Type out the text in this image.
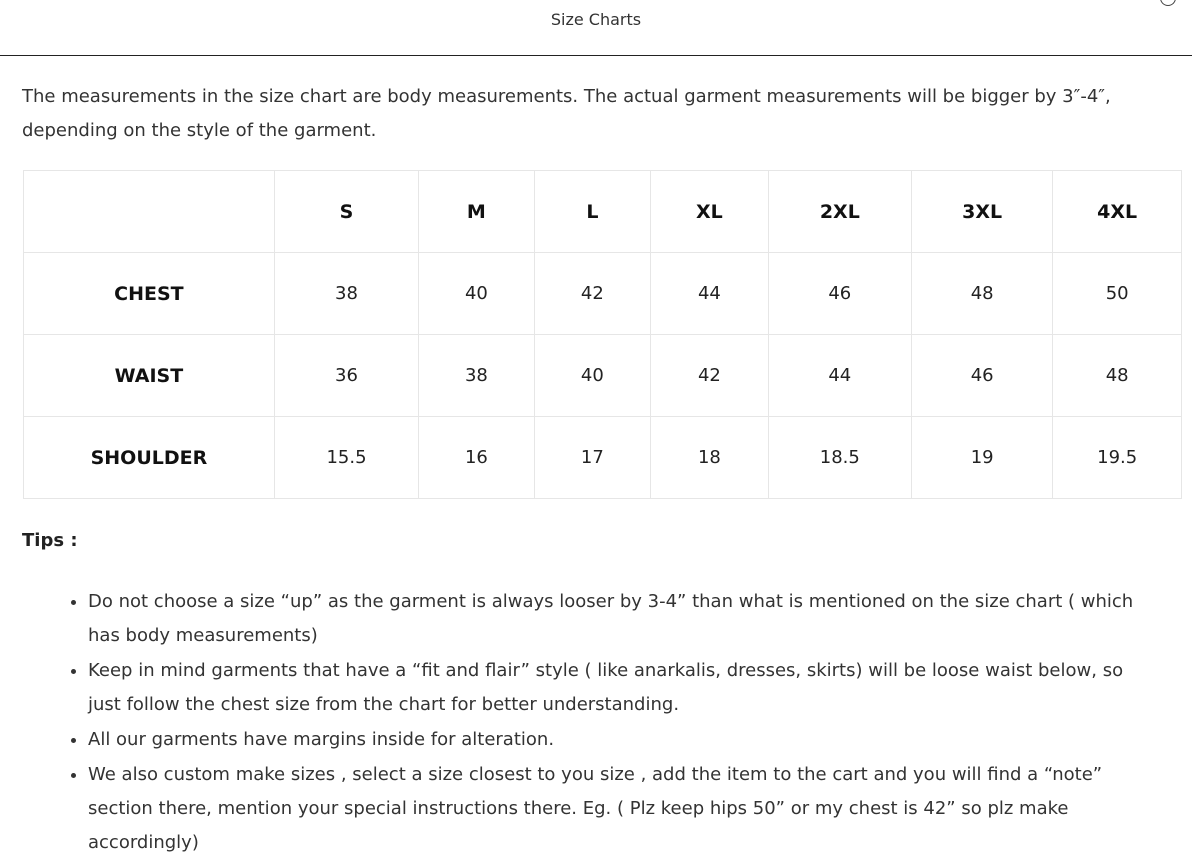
Size Charts

The measurements in the size chart are body measurements. The actual garment measurements will be bigger by 3″-4″, depending on the style of the garment.

	S	M	L	XL	2XL	3XL	4XL
CHEST	38	40	42	44	46	48	50
WAIST	36	38	40	42	44	46	48
SHOULDER	15.5	16	17	18	18.5	19	19.5

Tips :

• Do not choose a size “up” as the garment is always looser by 3-4” than what is mentioned on the size chart ( which has body measurements)
• Keep in mind garments that have a “fit and flair” style ( like anarkalis, dresses, skirts) will be loose waist below, so just follow the chest size from the chart for better understanding.
• All our garments have margins inside for alteration.
• We also custom make sizes , select a size closest to you size , add the item to the cart and you will find a “note” section there, mention your special instructions there. Eg. ( Plz keep hips 50” or my chest is 42” so plz make accordingly)
